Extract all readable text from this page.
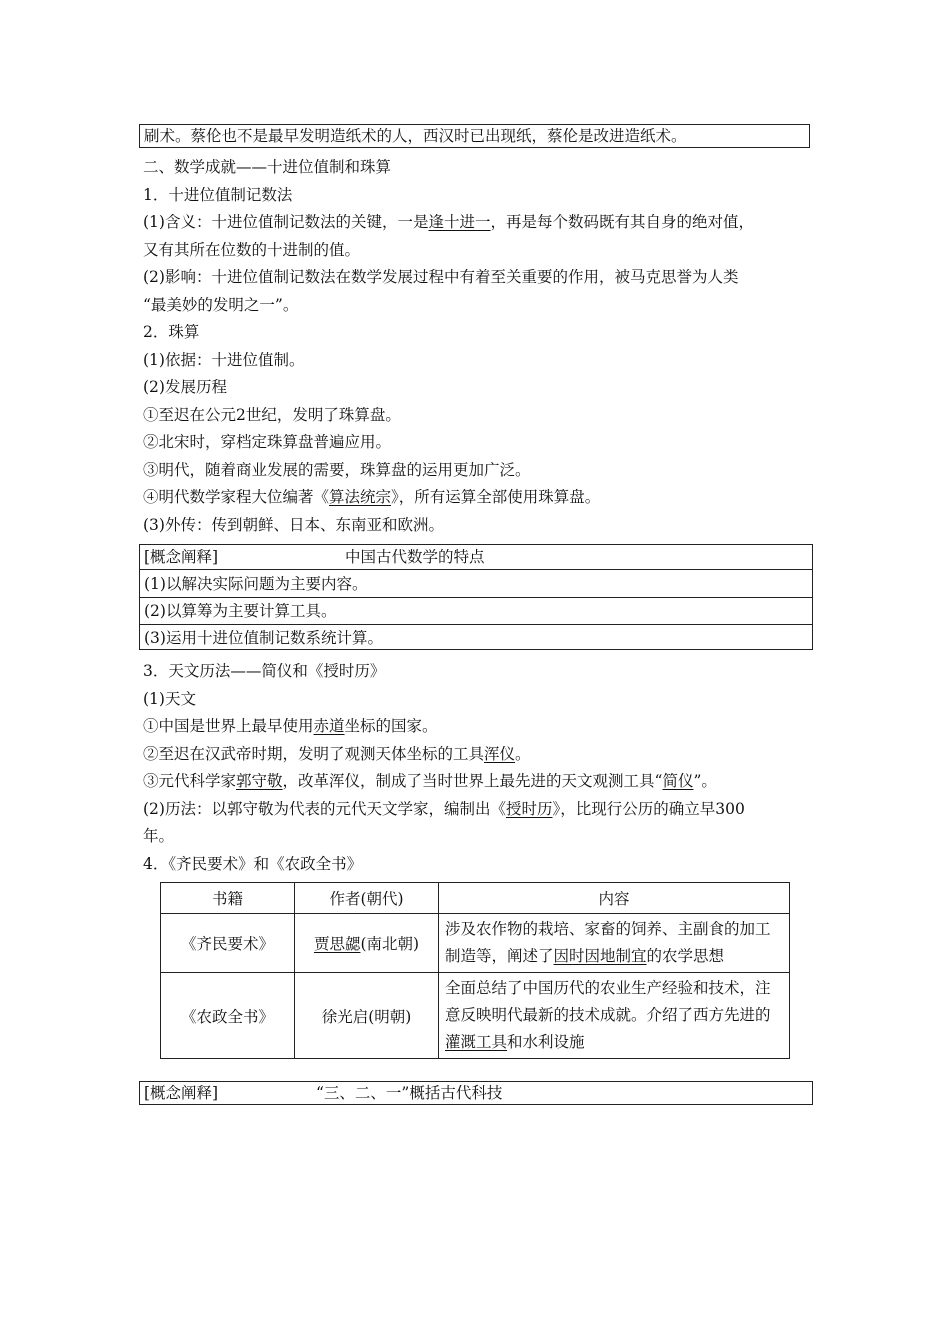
刷术。蔡伦也不是最早发明造纸术的人，西汉时已出现纸，蔡伦是改进造纸术。
二、数学成就——十进位值制和珠算
1．十进位值制记数法
(1)含义：十进位值制记数法的关键，一是逢十进一，再是每个数码既有其自身的绝对值，
又有其所在位数的十进制的值。
(2)影响：十进位值制记数法在数学发展过程中有着至关重要的作用，被马克思誉为人类
“最美妙的发明之一”。
2．珠算
(1)依据：十进位值制。
(2)发展历程
①至迟在公元2世纪，发明了珠算盘。
②北宋时，穿档定珠算盘普遍应用。
③明代，随着商业发展的需要，珠算盘的运用更加广泛。
④明代数学家程大位编著《算法统宗》，所有运算全部使用珠算盘。
(3)外传：传到朝鲜、日本、东南亚和欧洲。
[概念阐释]	中国古代数学的特点
(1)以解决实际问题为主要内容。
(2)以算筹为主要计算工具。
(3)运用十进位值制记数系统计算。
3．天文历法——简仪和《授时历》
(1)天文
①中国是世界上最早使用赤道坐标的国家。
②至迟在汉武帝时期，发明了观测天体坐标的工具浑仪。
③元代科学家郭守敬，改革浑仪，制成了当时世界上最先进的天文观测工具“简仪”。
(2)历法：以郭守敬为代表的元代天文学家，编制出《授时历》，比现行公历的确立早300
年。
4．《齐民要术》和《农政全书》
书籍	作者(朝代)	内容
《齐民要术》	贾思勰(南北朝)	涉及农作物的栽培、家畜的饲养、主副食的加工制造等，阐述了因时因地制宜的农学思想
《农政全书》	徐光启(明朝)	全面总结了中国历代的农业生产经验和技术，注意反映明代最新的技术成就。介绍了西方先进的灌溉工具和水利设施
[概念阐释]	“三、二、一”概括古代科技
